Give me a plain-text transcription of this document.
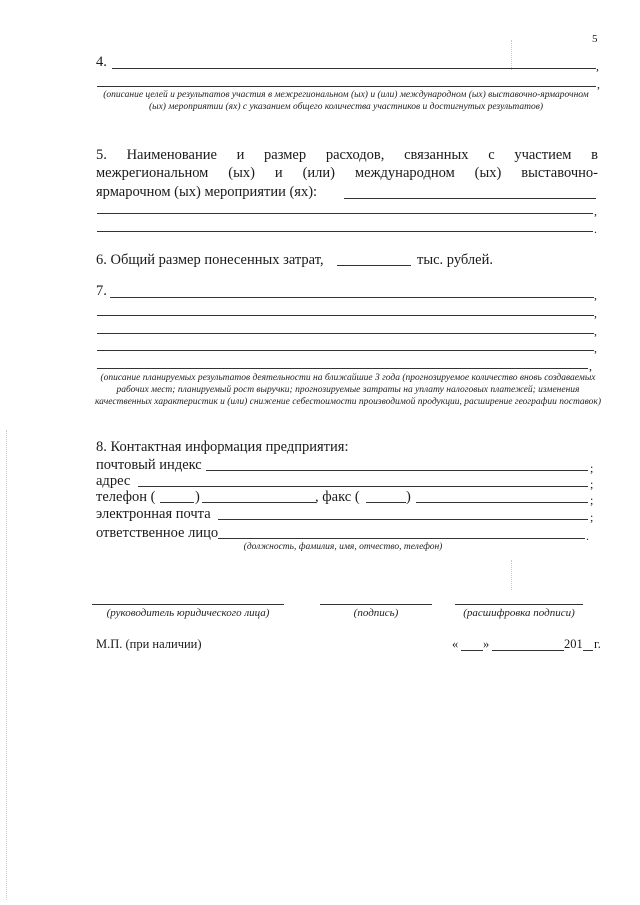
5
4.	,
,
(описание целей и результатов участия в межрегиональном (ых) и (или) международном (ых) выставочно-ярмарочном (ых) мероприятии (ях) с указанием общего количества участников и достигнутых результатов)
5. Наименование и размер расходов, связанных с участием в
межрегиональном (ых) и (или) международном (ых) выставочно-
ярмарочном (ых) мероприятии (ях):
,
.
6. Общий размер понесенных затрат,	тыс. рублей.
7.	,
,
,
,
,
(описание планируемых результатов деятельности на ближайшие 3 года (прогнозируемое количество вновь создаваемых рабочих мест; планируемый рост выручки; прогнозируемые затраты на уплату налоговых платежей; изменения качественных характеристик и (или) снижение себестоимости производимой продукции, расширение географии поставок)
8. Контактная информация предприятия:
почтовый индекс	;
адрес	;
телефон (	)	, факс (	)	;
электронная почта	;
ответственное лицо	.
(должность, фамилия, имя, отчество, телефон)
(руководитель юридического лица)	(подпись)	(расшифровка подписи)
М.П. (при наличии)	« »	201 г.
